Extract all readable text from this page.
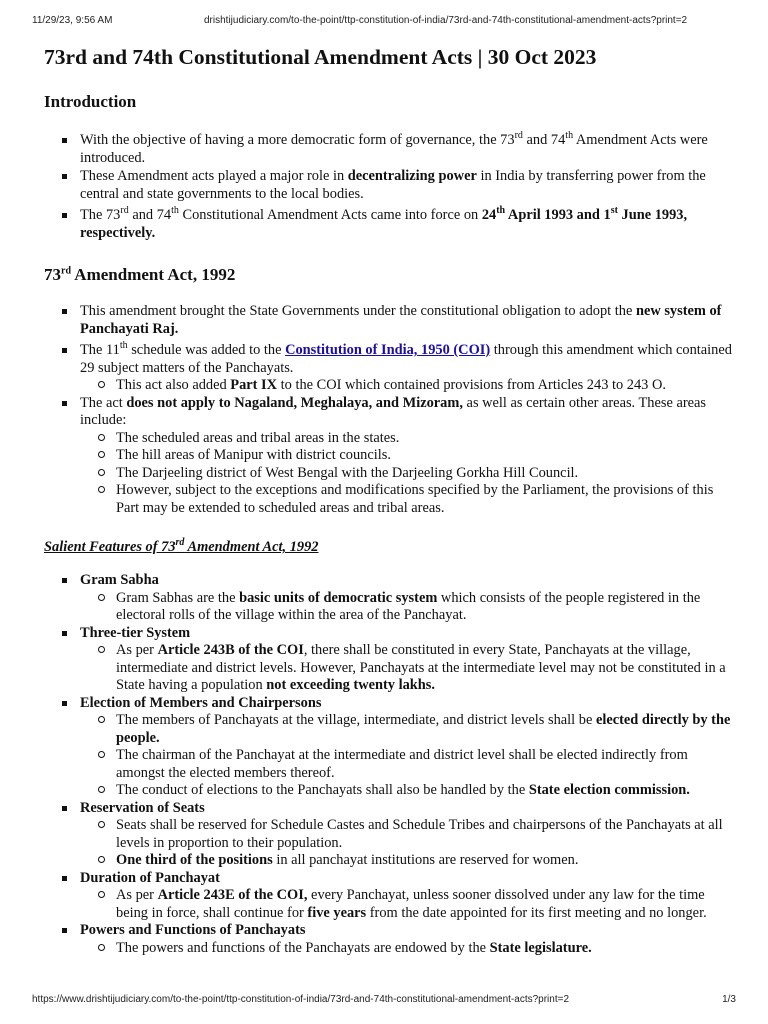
11/29/23, 9:56 AM	drishtijudiciary.com/to-the-point/ttp-constitution-of-india/73rd-and-74th-constitutional-amendment-acts?print=2
73rd and 74th Constitutional Amendment Acts | 30 Oct 2023
Introduction
With the objective of having a more democratic form of governance, the 73rd and 74th Amendment Acts were introduced.
These Amendment acts played a major role in decentralizing power in India by transferring power from the central and state governments to the local bodies.
The 73rd and 74th Constitutional Amendment Acts came into force on 24th April 1993 and 1st June 1993, respectively.
73rd Amendment Act, 1992
This amendment brought the State Governments under the constitutional obligation to adopt the new system of Panchayati Raj.
The 11th schedule was added to the Constitution of India, 1950 (COI) through this amendment which contained 29 subject matters of the Panchayats.
This act also added Part IX to the COI which contained provisions from Articles 243 to 243 O.
The act does not apply to Nagaland, Meghalaya, and Mizoram, as well as certain other areas. These areas include:
The scheduled areas and tribal areas in the states.
The hill areas of Manipur with district councils.
The Darjeeling district of West Bengal with the Darjeeling Gorkha Hill Council.
However, subject to the exceptions and modifications specified by the Parliament, the provisions of this Part may be extended to scheduled areas and tribal areas.
Salient Features of 73rd Amendment Act, 1992
Gram Sabha
Gram Sabhas are the basic units of democratic system which consists of the people registered in the electoral rolls of the village within the area of the Panchayat.
Three-tier System
As per Article 243B of the COI, there shall be constituted in every State, Panchayats at the village, intermediate and district levels. However, Panchayats at the intermediate level may not be constituted in a State having a population not exceeding twenty lakhs.
Election of Members and Chairpersons
The members of Panchayats at the village, intermediate, and district levels shall be elected directly by the people.
The chairman of the Panchayat at the intermediate and district level shall be elected indirectly from amongst the elected members thereof.
The conduct of elections to the Panchayats shall also be handled by the State election commission.
Reservation of Seats
Seats shall be reserved for Schedule Castes and Schedule Tribes and chairpersons of the Panchayats at all levels in proportion to their population.
One third of the positions in all panchayat institutions are reserved for women.
Duration of Panchayat
As per Article 243E of the COI, every Panchayat, unless sooner dissolved under any law for the time being in force, shall continue for five years from the date appointed for its first meeting and no longer.
Powers and Functions of Panchayats
The powers and functions of the Panchayats are endowed by the State legislature.
https://www.drishtijudiciary.com/to-the-point/ttp-constitution-of-india/73rd-and-74th-constitutional-amendment-acts?print=2	1/3
